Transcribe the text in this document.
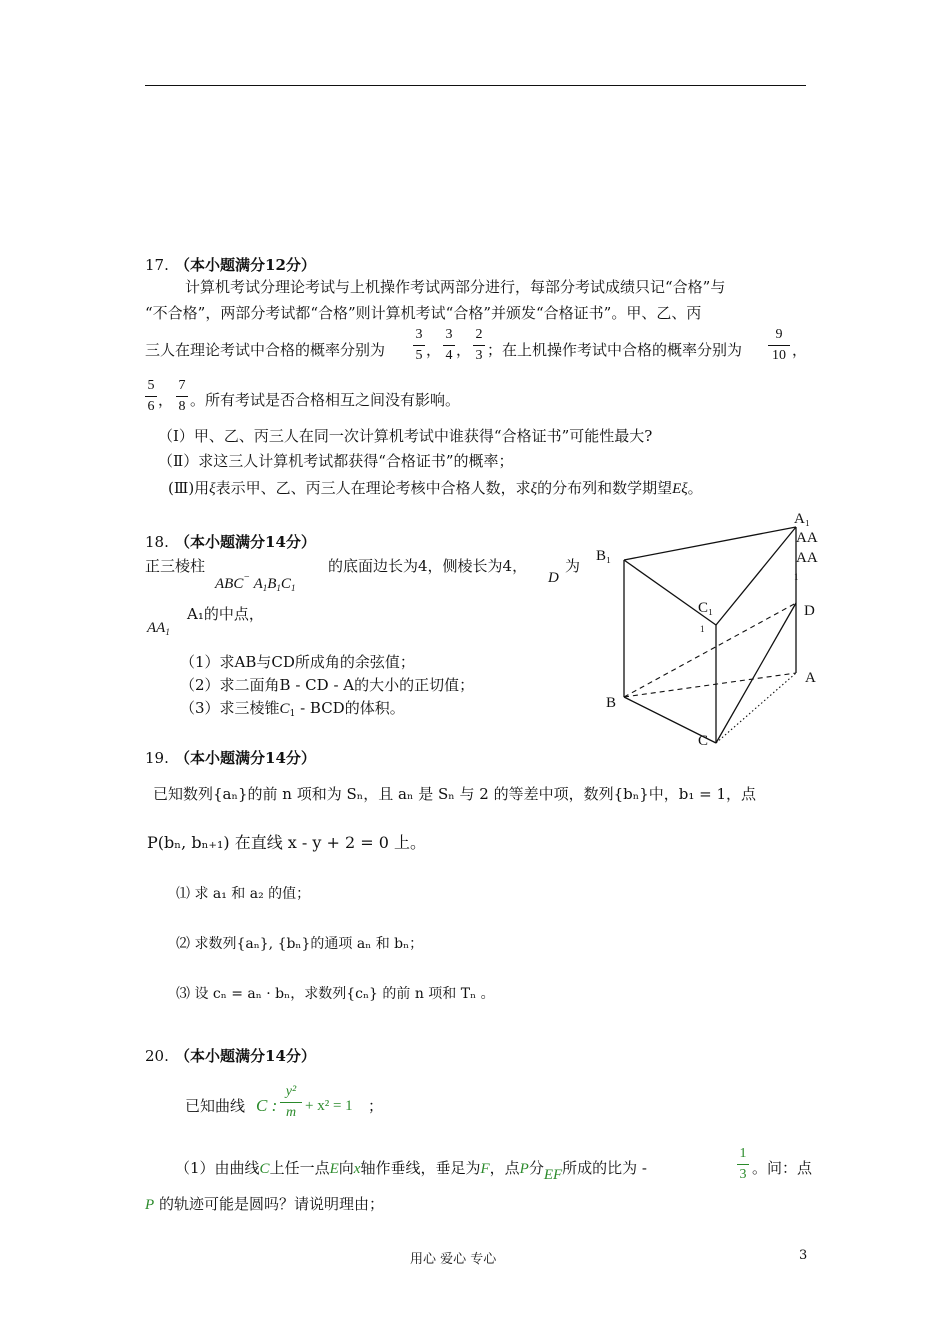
17. （本小题满分12分）
计算机考试分理论考试与上机操作考试两部分进行，每部分考试成绩只记“合格”与
“不合格”，两部分考试都“合格”则计算机考试“合格”并颁发“合格证书”。甲、乙、丙
三人在理论考试中合格的概率分别为
3
5 ，
3
4 ，
2
3 ；在上机操作考试中合格的概率分别为
9
10 ，
5
6 ，
7
8 。所有考试是否合格相互之间没有影响。
（Ⅰ）甲、乙、丙三人在同一次计算机考试中谁获得“合格证书”可能性最大?
（Ⅱ）求这三人计算机考试都获得“合格证书”的概率；
(Ⅲ)用ξ表示甲、乙、丙三人在理论考核中合格人数，求ξ的分布列和数学期望Eξ。
18. （本小题满分14分）
正三棱柱
ABC− $A_1B_1C_1$
的底面边长为4，侧棱长为4，
D
为
A₁的中点，
$AA_1$
（1）求AB与CD所成角的余弦值；
（2）求二面角B - CD - A的大小的正切值；
（3）求三棱锥$C_1$ - BCD的体积。
A₁
AA
AA
1
B₁
C₁
1
D
A
B
C
19. （本小题满分14分）
已知数列{aₙ}的前 n 项和为 Sₙ，且 aₙ 是 Sₙ 与 2 的等差中项，数列{bₙ}中，b₁ = 1，点
P(bₙ, bₙ₊₁) 在直线 x - y + 2 = 0 上。
⑴ 求 a₁ 和 a₂ 的值；
⑵ 求数列{aₙ}, {bₙ}的通项 aₙ 和 bₙ；
⑶ 设 cₙ = aₙ · bₙ，求数列{cₙ} 的前 n 项和 Tₙ 。
20. （本小题满分14分）
已知曲线 C :
y²
m + x² = 1 ；
（1）由曲线C上任一点E向x轴作垂线，垂足为F，点P分EF所成的比为 -
1
3 。问：点
P 的轨迹可能是圆吗？请说明理由；
用心 爱心 专心	3
